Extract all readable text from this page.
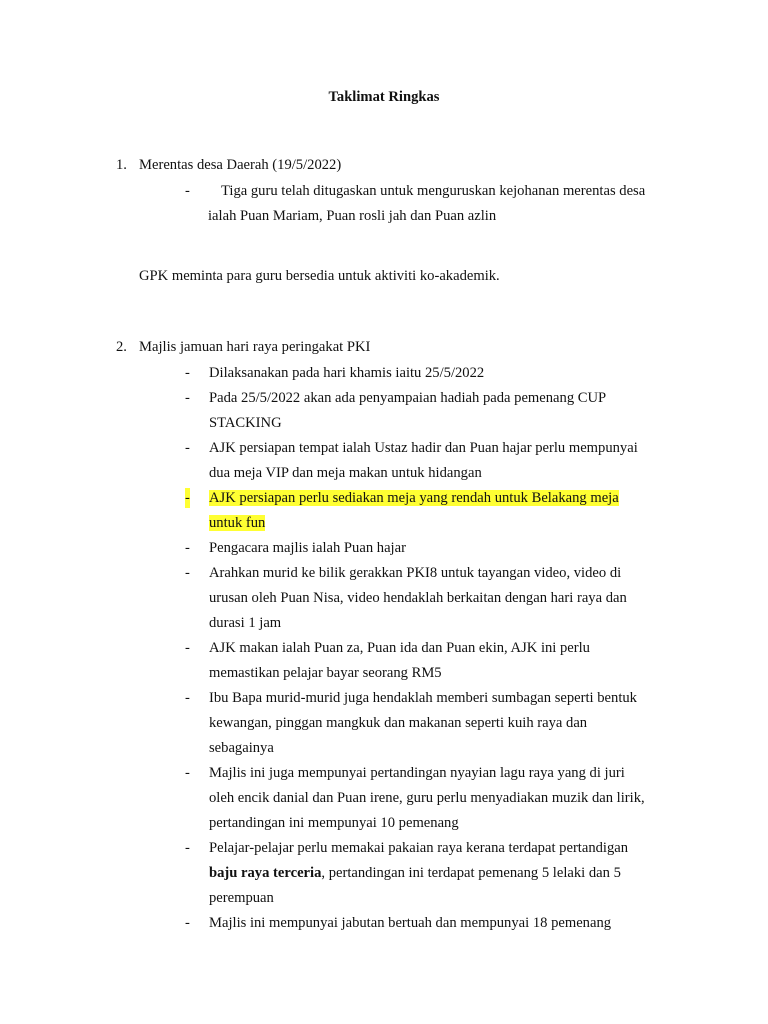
Taklimat Ringkas
1. Merentas desa Daerah (19/5/2022)
- Tiga guru telah ditugaskan untuk menguruskan kejohanan merentas desa
ialah Puan Mariam, Puan rosli jah dan Puan azlin
GPK meminta para guru bersedia untuk aktiviti ko-akademik.
2. Majlis jamuan hari raya peringakat PKI
- Dilaksanakan pada hari khamis iaitu 25/5/2022
- Pada 25/5/2022 akan ada penyampaian hadiah pada pemenang CUP
STACKING
- AJK persiapan tempat ialah Ustaz hadir dan Puan hajar perlu mempunyai
dua meja VIP dan meja makan untuk hidangan
- AJK persiapan perlu sediakan meja yang rendah untuk Belakang meja
untuk fun
- Pengacara majlis ialah Puan hajar
- Arahkan murid ke bilik gerakkan PKI8 untuk tayangan video, video di
urusan oleh Puan Nisa, video hendaklah berkaitan dengan hari raya dan
durasi 1 jam
- AJK makan ialah Puan za, Puan ida dan Puan ekin, AJK ini perlu
memastikan pelajar bayar seorang RM5
- Ibu Bapa murid-murid juga hendaklah memberi sumbagan seperti bentuk
kewangan, pinggan mangkuk dan makanan seperti kuih raya dan
sebagainya
- Majlis ini juga mempunyai pertandingan nyayian lagu raya yang di juri
oleh encik danial dan Puan irene, guru perlu menyadiakan muzik dan lirik,
pertandingan ini mempunyai 10 pemenang
- Pelajar-pelajar perlu memakai pakaian raya kerana terdapat pertandigan
baju raya terceria, pertandingan ini terdapat pemenang 5 lelaki dan 5
perempuan
- Majlis ini mempunyai jabutan bertuah dan mempunyai 18 pemenang
